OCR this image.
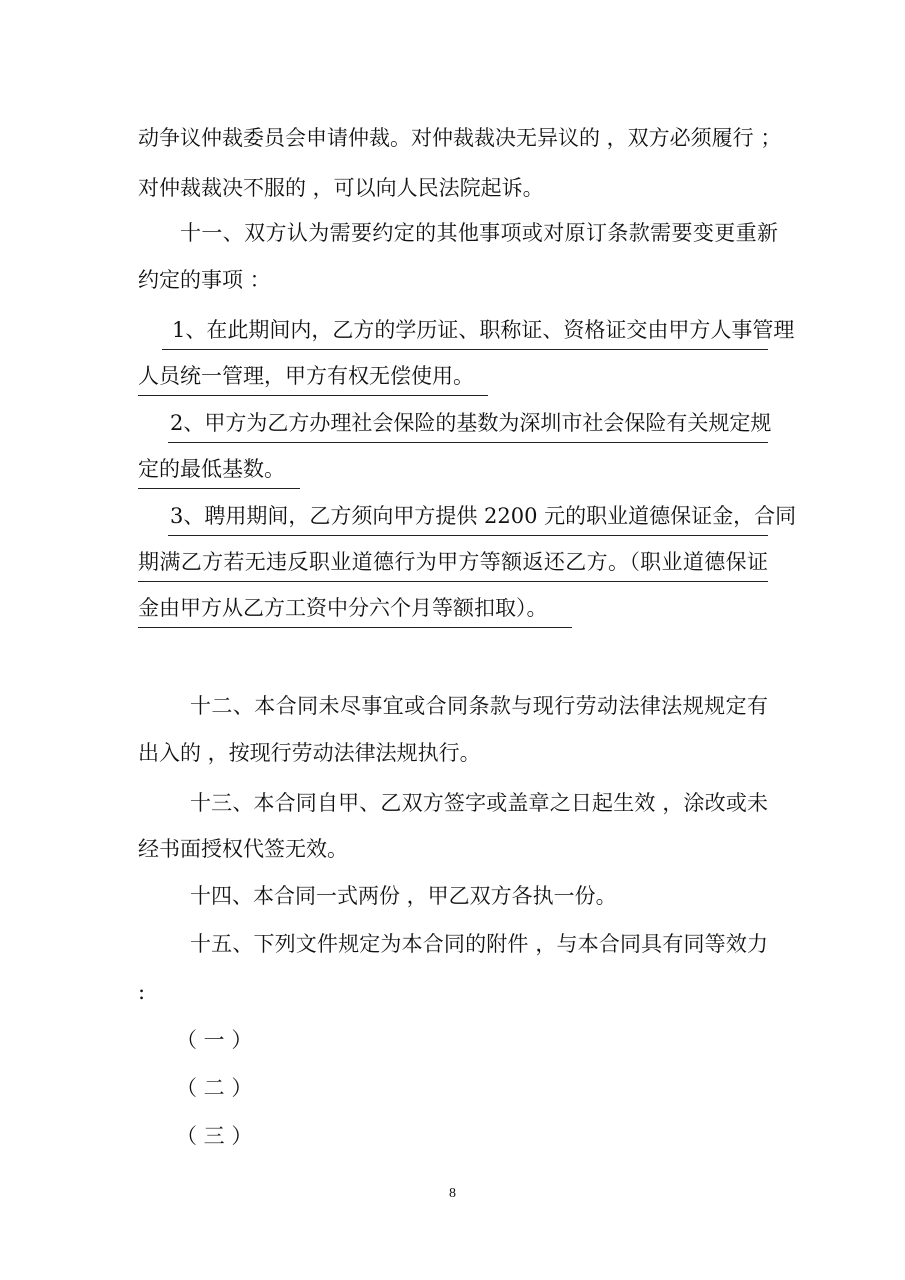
动争议仲裁委员会申请仲裁。对仲裁裁决无异议的 ，双方必须履行 ；
对仲裁裁决不服的 ，可以向人民法院起诉。
十一、双方认为需要约定的其他事项或对原订条款需要变更重新
约定的事项 ：
1、在此期间内，乙方的学历证、职称证、资格证交由甲方人事管理
人员统一管理，甲方有权无偿使用。
2、甲方为乙方办理社会保险的基数为深圳市社会保险有关规定规
定的最低基数。
3、聘用期间，乙方须向甲方提供 2200 元的职业道德保证金，合同
期满乙方若无违反职业道德行为甲方等额返还乙方。（职业道德保证
金由甲方从乙方工资中分六个月等额扣取）。
十二、本合同未尽事宜或合同条款与现行劳动法律法规规定有
出入的 ，按现行劳动法律法规执行。
十三、本合同自甲、乙双方签字或盖章之日起生效 ，涂改或未
经书面授权代签无效。
十四、本合同一式两份 ，甲乙双方各执一份。
十五、下列文件规定为本合同的附件 ，与本合同具有同等效力
:
（ 一 ）
（ 二 ）
（ 三 ）
8
